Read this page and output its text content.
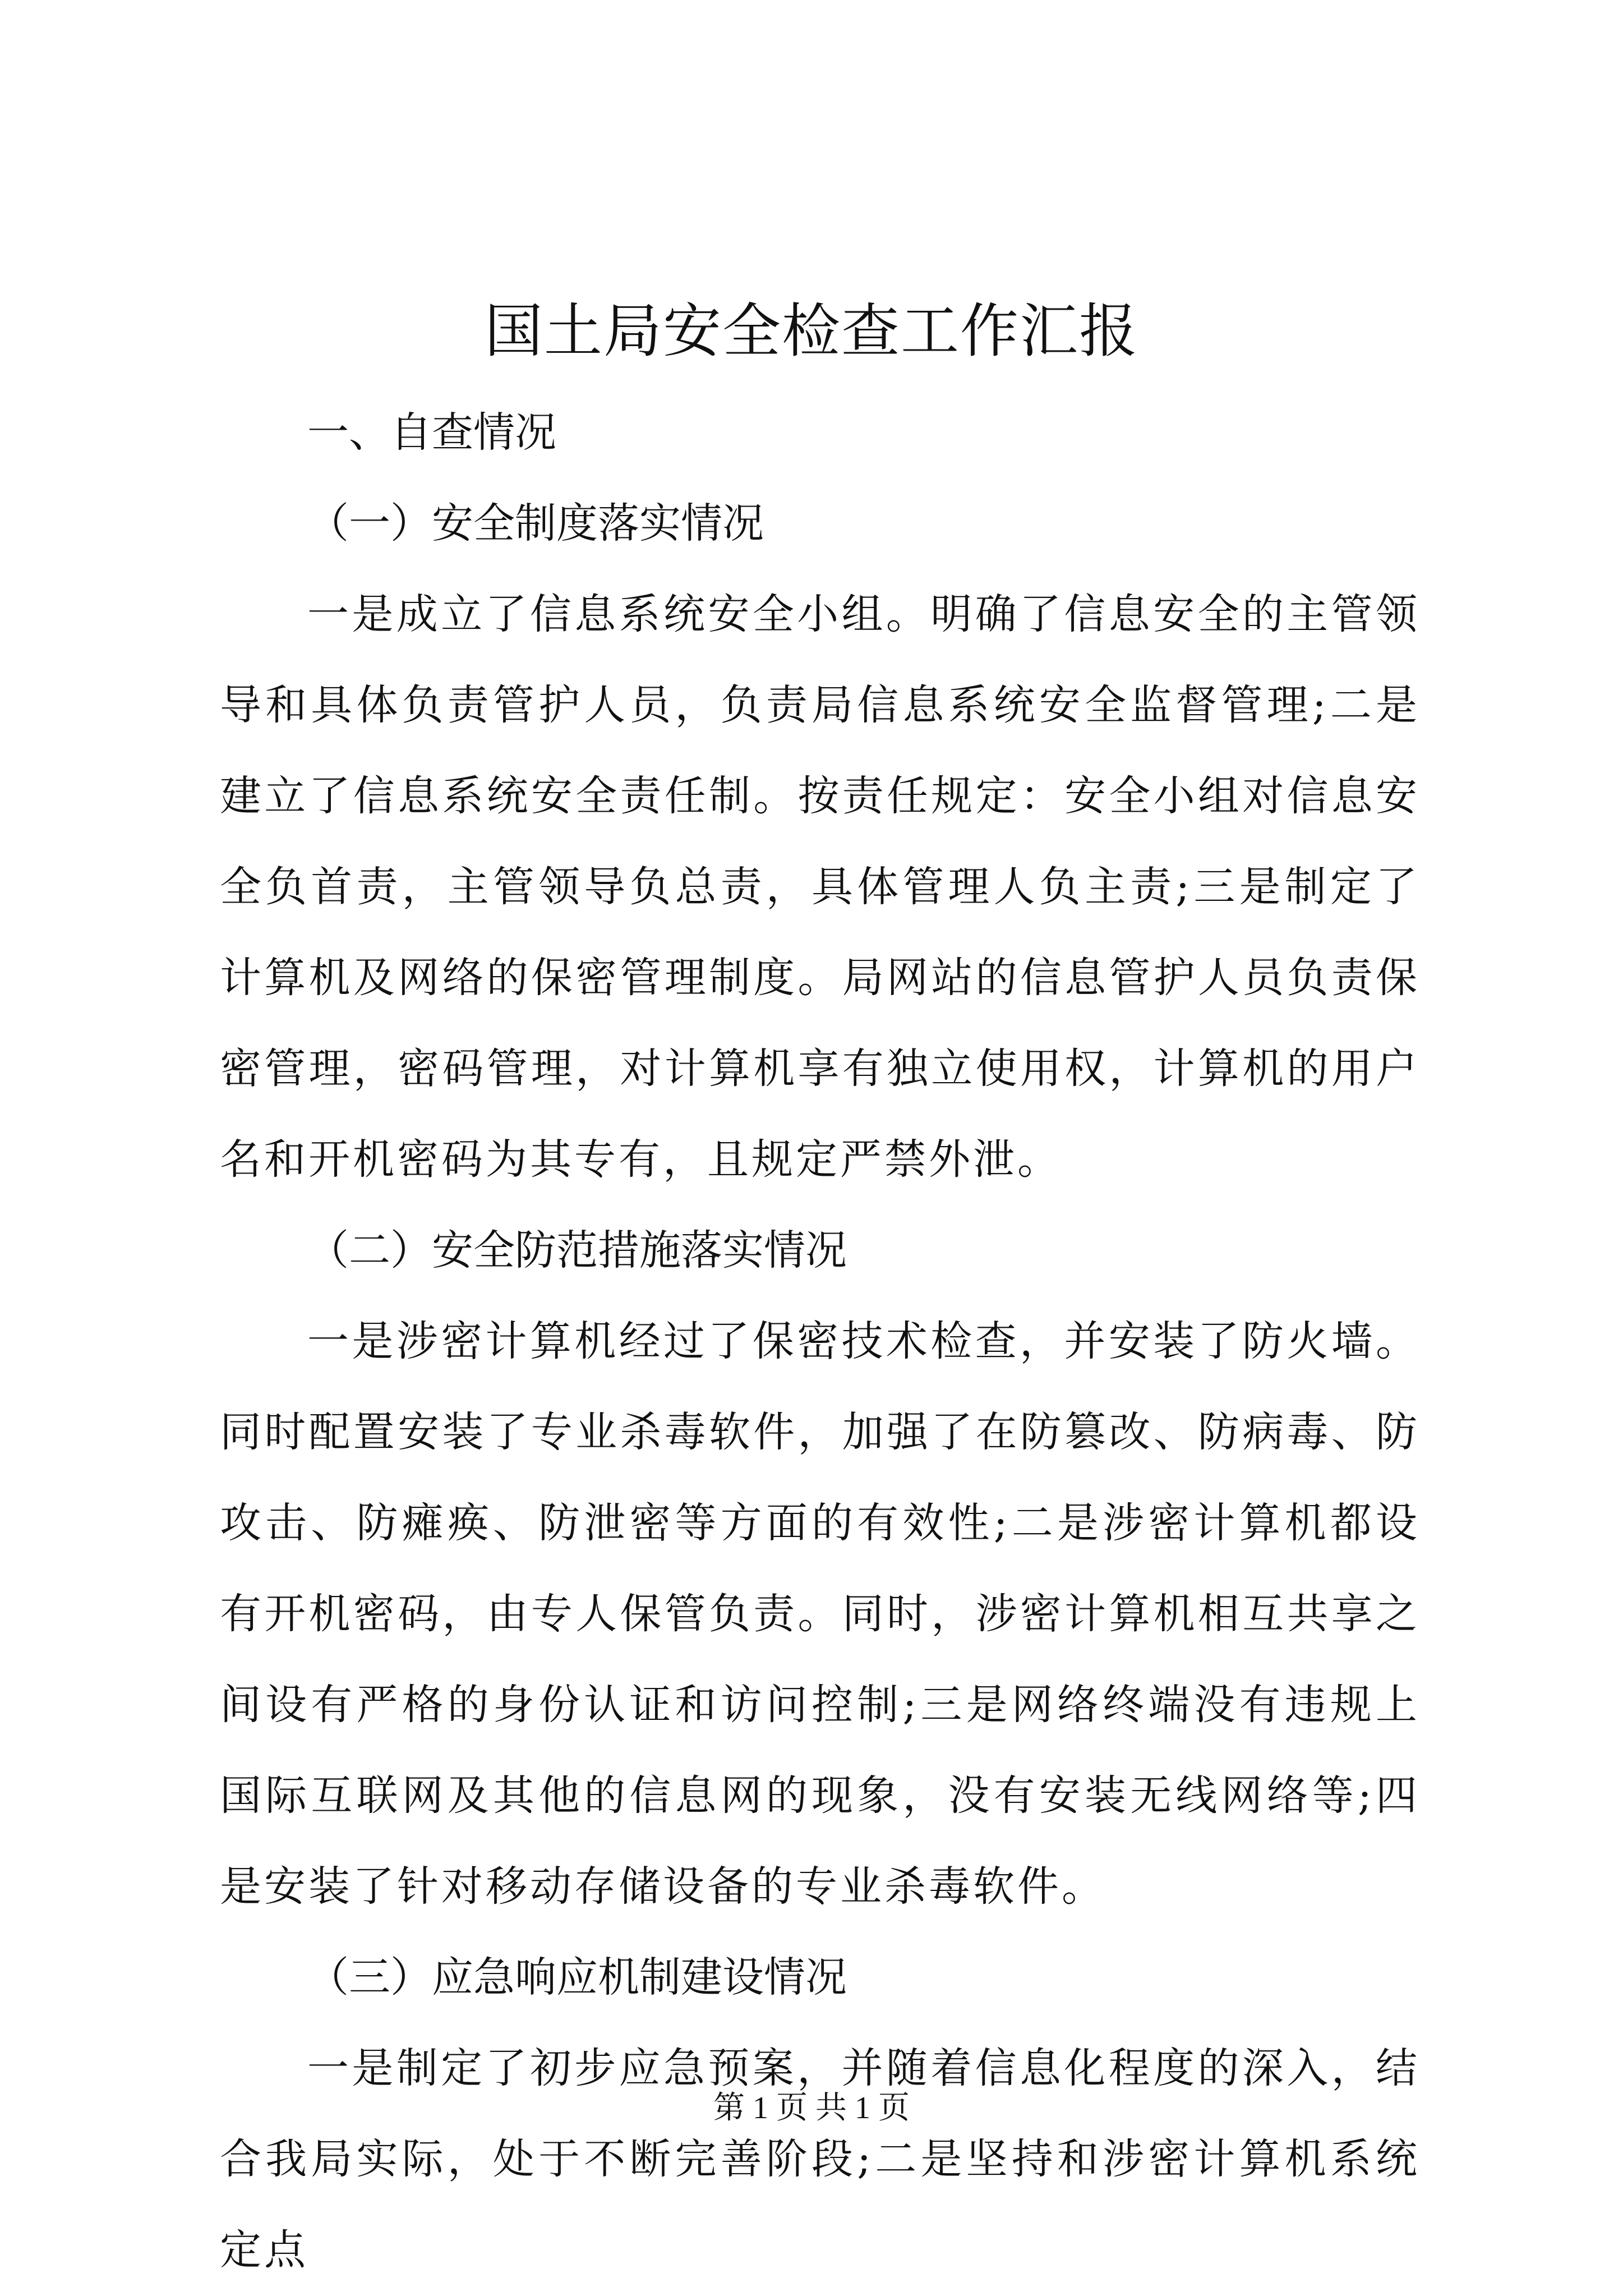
国土局安全检查工作汇报

一、自查情况

（一）安全制度落实情况

一是成立了信息系统安全小组。明确了信息安全的主管领导和具体负责管护人员，负责局信息系统安全监督管理;二是建立了信息系统安全责任制。按责任规定：安全小组对信息安全负首责，主管领导负总责，具体管理人负主责;三是制定了计算机及网络的保密管理制度。局网站的信息管护人员负责保密管理，密码管理，对计算机享有独立使用权，计算机的用户名和开机密码为其专有，且规定严禁外泄。

（二）安全防范措施落实情况

一是涉密计算机经过了保密技术检查，并安装了防火墙。同时配置安装了专业杀毒软件，加强了在防篡改、防病毒、防攻击、防瘫痪、防泄密等方面的有效性;二是涉密计算机都设有开机密码，由专人保管负责。同时，涉密计算机相互共享之间设有严格的身份认证和访问控制;三是网络终端没有违规上国际互联网及其他的信息网的现象，没有安装无线网络等;四是安装了针对移动存储设备的专业杀毒软件。

（三）应急响应机制建设情况

一是制定了初步应急预案，并随着信息化程度的深入，结合我局实际，处于不断完善阶段;二是坚持和涉密计算机系统定点

第 1 页 共 1 页
